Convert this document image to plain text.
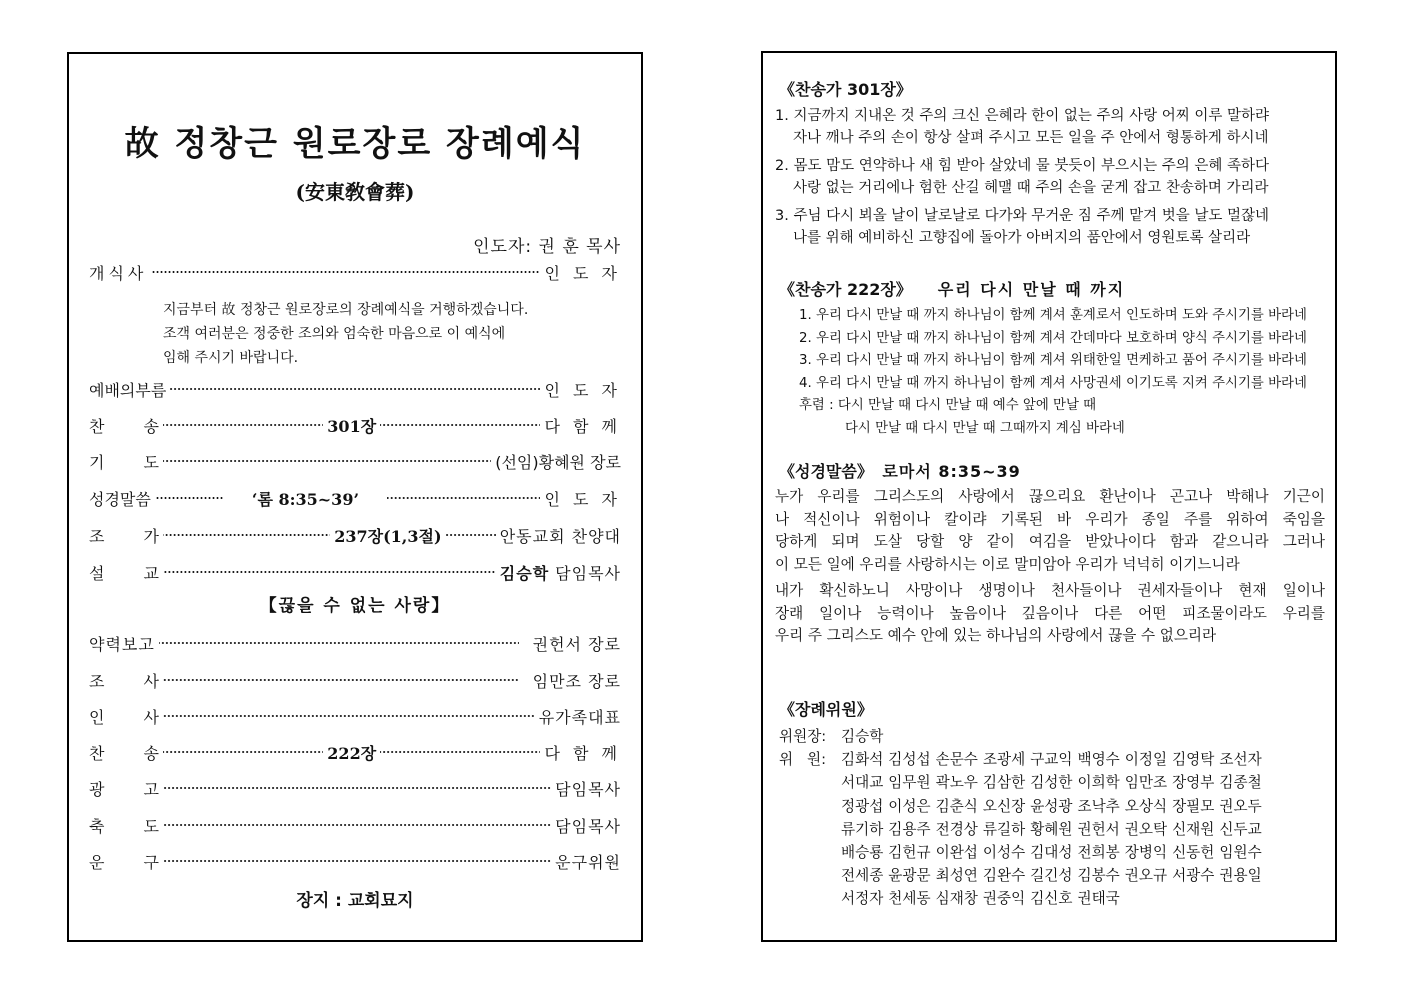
故 정창근 원로장로 장례예식
(安東敎會葬)
인도자: 권 훈 목사
개식사	인 도 자
지금부터 故 정창근 원로장로의 장례예식을 거행하겠습니다.
조객 여러분은 정중한 조의와 엄숙한 마음으로 이 예식에
임해 주시기 바랍니다.
예배의부름	인 도 자
찬 송	301장	다 함 께
기 도	(선임)황혜원 장로
성경말씀	‘롬 8:35~39’	인 도 자
조 가	237장(1,3절)	안동교회 찬양대
설 교	김승학 담임목사
【끊을 수 없는 사랑】
약력보고	권헌서 장로
조 사	임만조 장로
인 사	유가족대표
찬 송	222장	다 함 께
광 고	담임목사
축 도	담임목사
운 구	운구위원
장지 : 교회묘지
《찬송가 301장》
1. 지금까지 지내온 것 주의 크신 은혜라 한이 없는 주의 사랑 어찌 이루 말하랴
자나 깨나 주의 손이 항상 살펴 주시고 모든 일을 주 안에서 형통하게 하시네
2. 몸도 맘도 연약하나 새 힘 받아 살았네 물 붓듯이 부으시는 주의 은혜 족하다
사랑 없는 거리에나 험한 산길 헤맬 때 주의 손을 굳게 잡고 찬송하며 가리라
3. 주님 다시 뵈올 날이 날로날로 다가와 무거운 짐 주께 맡겨 벗을 날도 멀잖네
나를 위해 예비하신 고향집에 돌아가 아버지의 품안에서 영원토록 살리라
《찬송가 222장》 우리 다시 만날 때 까지
1. 우리 다시 만날 때 까지 하나님이 함께 계셔 훈계로서 인도하며 도와 주시기를 바라네
2. 우리 다시 만날 때 까지 하나님이 함께 계셔 간데마다 보호하며 양식 주시기를 바라네
3. 우리 다시 만날 때 까지 하나님이 함께 계셔 위태한일 면케하고 품어 주시기를 바라네
4. 우리 다시 만날 때 까지 하나님이 함께 계셔 사망권세 이기도록 지켜 주시기를 바라네
후렴 : 다시 만날 때 다시 만날 때 예수 앞에 만날 때
다시 만날 때 다시 만날 때 그때까지 계심 바라네
《성경말씀》 로마서 8:35~39
누가 우리를 그리스도의 사랑에서 끊으리요 환난이나 곤고나 박해나 기근이
나 적신이나 위험이나 칼이랴 기록된 바 우리가 종일 주를 위하여 죽임을
당하게 되며 도살 당할 양 같이 여김을 받았나이다 함과 같으니라 그러나
이 모든 일에 우리를 사랑하시는 이로 말미암아 우리가 넉넉히 이기느니라
내가 확신하노니 사망이나 생명이나 천사들이나 권세자들이나 현재 일이나
장래 일이나 능력이나 높음이나 깊음이나 다른 어떤 피조물이라도 우리를
우리 주 그리스도 예수 안에 있는 하나님의 사랑에서 끊을 수 없으리라
《장례위원》
위원장:	김승학
위   원:	김화석 김성섭 손문수 조광세 구교익 백영수 이정일 김영탁 조선자
서대교 임무원 곽노우 김삼한 김성한 이희학 임만조 장영부 김종철
정광섭 이성은 김춘식 오신장 윤성광 조낙추 오상식 장필모 권오두
류기하 김용주 전경상 류길하 황혜원 권헌서 권오탁 신재원 신두교
배승룡 김헌규 이완섭 이성수 김대성 전희봉 장병익 신동헌 임원수
전세종 윤광문 최성연 김완수 길긴성 김봉수 권오규 서광수 권용일
서정자 천세동 심재창 권중익 김신호 권태국
